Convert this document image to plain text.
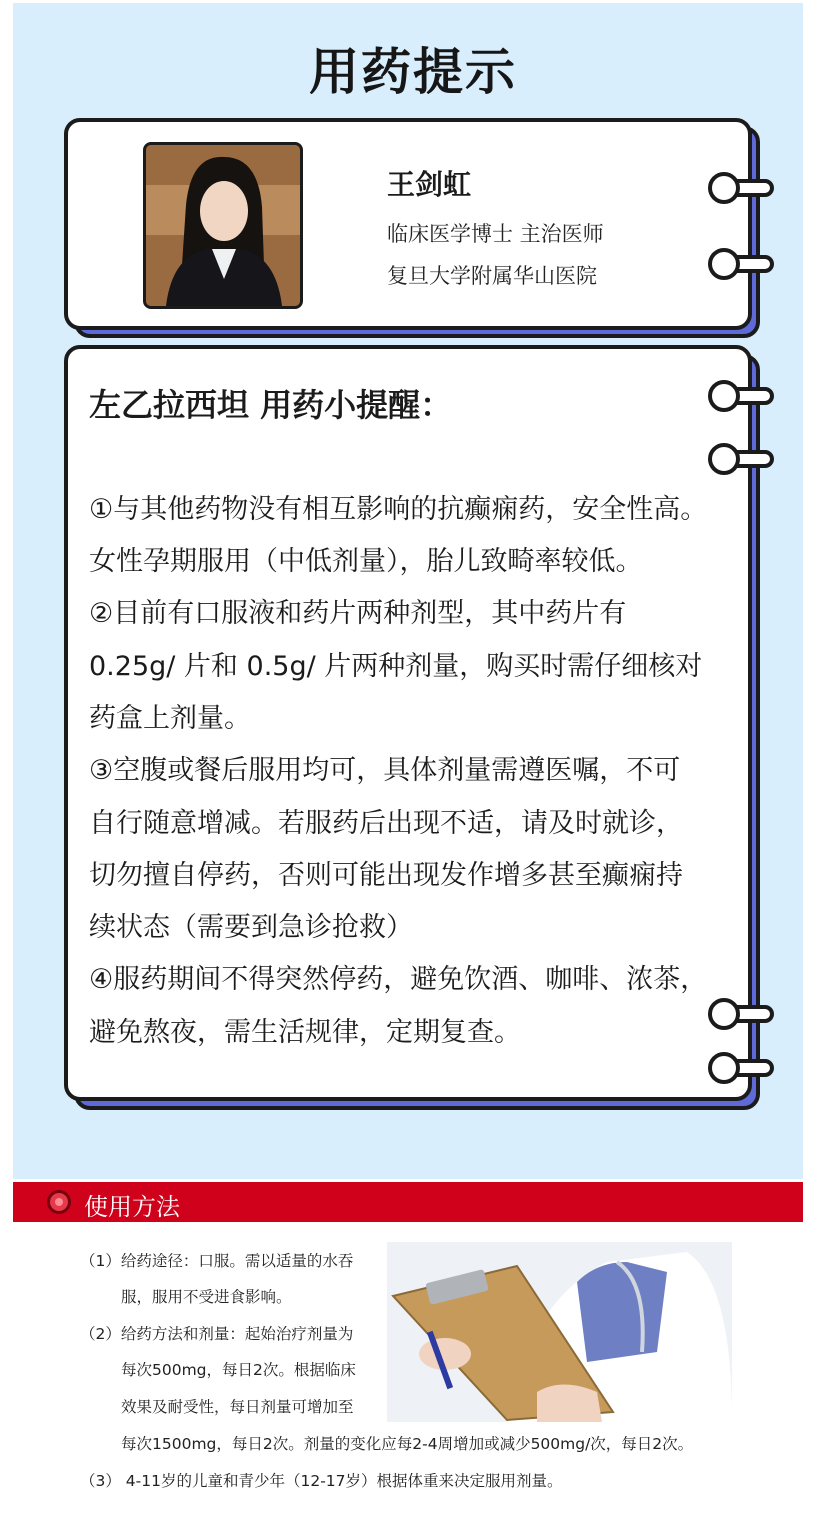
用药提示
王剑虹
临床医学博士 主治医师
复旦大学附属华山医院
左乙拉西坦 用药小提醒：
①与其他药物没有相互影响的抗癫痫药，安全性高。
女性孕期服用（中低剂量），胎儿致畸率较低。
②目前有口服液和药片两种剂型，其中药片有
0.25g/ 片和 0.5g/ 片两种剂量，购买时需仔细核对
药盒上剂量。
③空腹或餐后服用均可，具体剂量需遵医嘱，不可
自行随意增减。若服药后出现不适，请及时就诊，
切勿擅自停药，否则可能出现发作增多甚至癫痫持
续状态（需要到急诊抢救）
④服药期间不得突然停药，避免饮酒、咖啡、浓茶，
避免熬夜，需生活规律，定期复查。
使用方法
（1）给药途径：口服。需以适量的水吞
服，服用不受进食影响。
（2）给药方法和剂量：起始治疗剂量为
每次500mg，每日2次。根据临床
效果及耐受性，每日剂量可增加至
每次1500mg，每日2次。剂量的变化应每2-4周增加或减少500mg/次，每日2次。
（3） 4-11岁的儿童和青少年（12-17岁）根据体重来决定服用剂量。
